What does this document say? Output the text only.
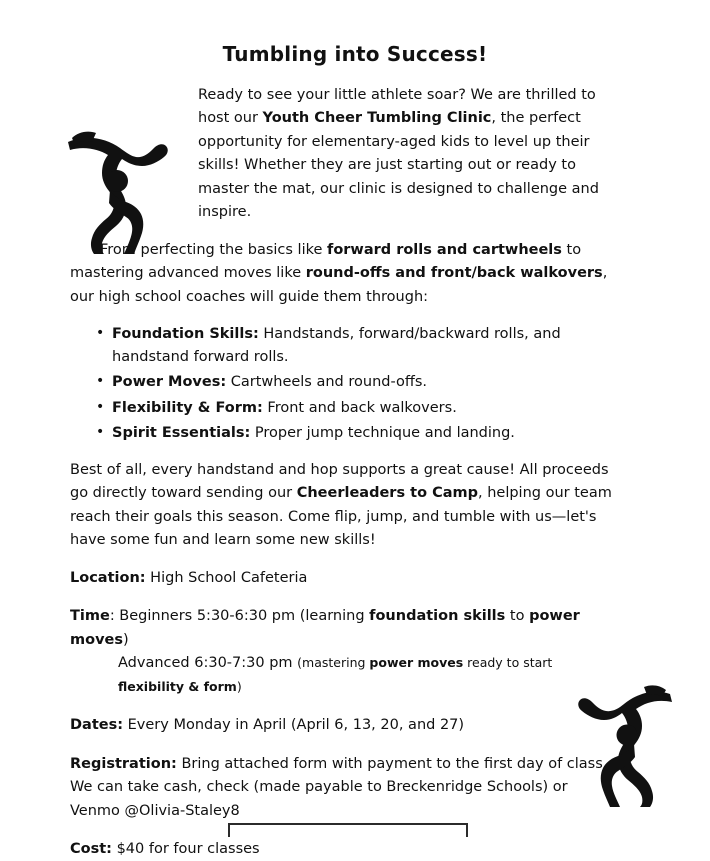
Tumbling into Success!

Ready to see your little athlete soar? We are thrilled to host our Youth Cheer Tumbling Clinic, the perfect opportunity for elementary-aged kids to level up their skills! Whether they are just starting out or ready to master the mat, our clinic is designed to challenge and inspire.

From perfecting the basics like forward rolls and cartwheels to mastering advanced moves like round-offs and front/back walkovers, our high school coaches will guide them through:

• Foundation Skills: Handstands, forward/backward rolls, and handstand forward rolls.
• Power Moves: Cartwheels and round-offs.
• Flexibility & Form: Front and back walkovers.
• Spirit Essentials: Proper jump technique and landing.

Best of all, every handstand and hop supports a great cause! All proceeds go directly toward sending our Cheerleaders to Camp, helping our team reach their goals this season. Come flip, jump, and tumble with us—let's have some fun and learn some new skills!

Location: High School Cafeteria

Time: Beginners 5:30-6:30 pm (learning foundation skills to power moves)
Advanced 6:30-7:30 pm (mastering power moves ready to start flexibility & form)

Dates: Every Monday in April (April 6, 13, 20, and 27)

Registration: Bring attached form with payment to the first day of class. We can take cash, check (made payable to Breckenridge Schools) or Venmo @Olivia-Staley8

Cost: $40 for four classes
